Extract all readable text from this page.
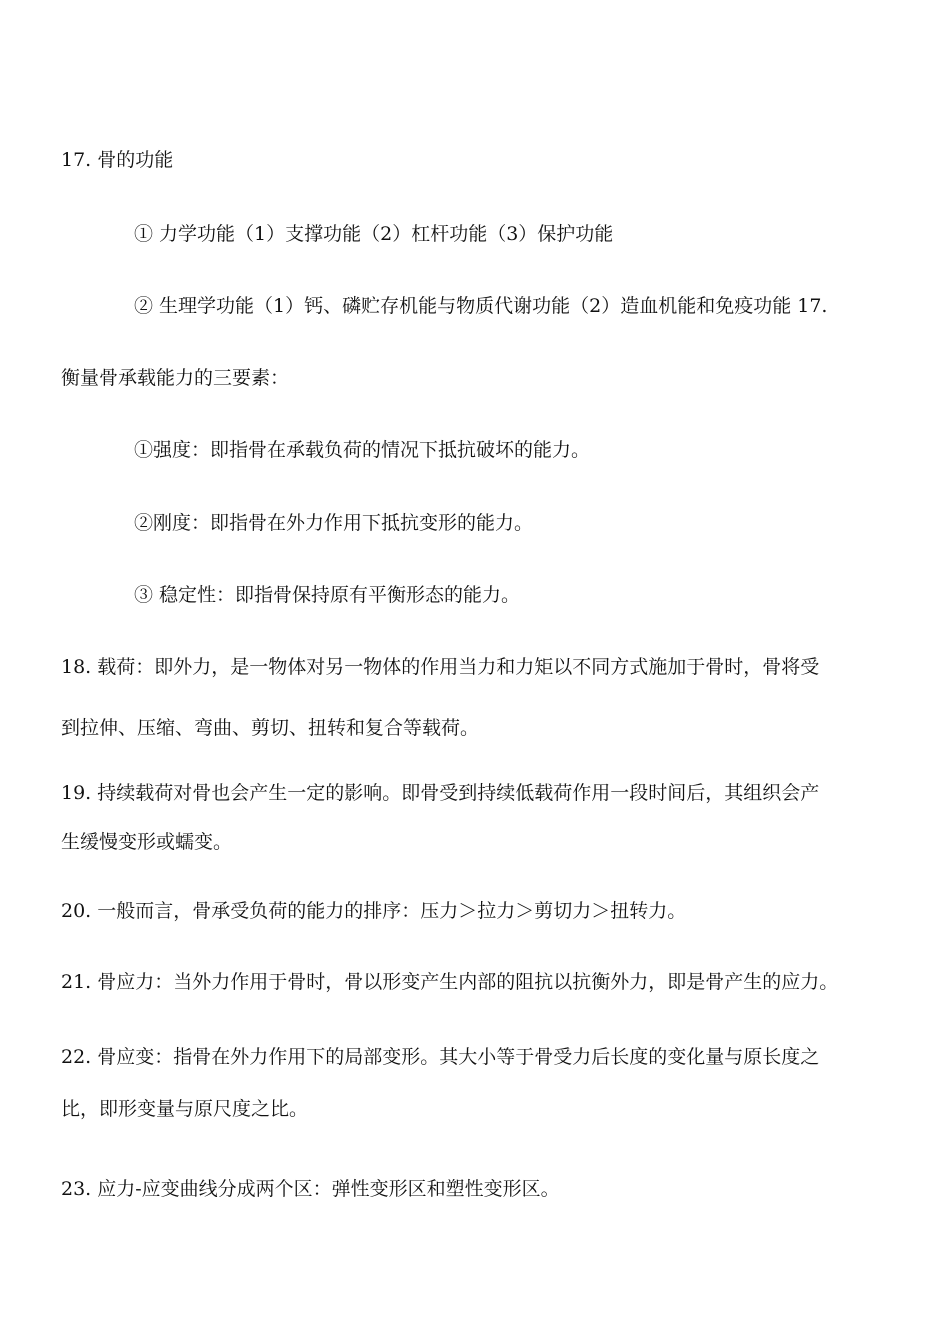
17. 骨的功能
① 力学功能（1）支撑功能（2）杠杆功能（3）保护功能
② 生理学功能（1）钙、磷贮存机能与物质代谢功能（2）造血机能和免疫功能 17.
衡量骨承载能力的三要素：
①强度：即指骨在承载负荷的情况下抵抗破坏的能力。
②刚度：即指骨在外力作用下抵抗变形的能力。
③ 稳定性：即指骨保持原有平衡形态的能力。
18. 载荷：即外力，是一物体对另一物体的作用当力和力矩以不同方式施加于骨时，骨将受
到拉伸、压缩、弯曲、剪切、扭转和复合等载荷。
19. 持续载荷对骨也会产生一定的影响。即骨受到持续低载荷作用一段时间后，其组织会产
生缓慢变形或蠕变。
20. 一般而言，骨承受负荷的能力的排序：压力＞拉力＞剪切力＞扭转力。
21. 骨应力：当外力作用于骨时，骨以形变产生内部的阻抗以抗衡外力，即是骨产生的应力。
22. 骨应变：指骨在外力作用下的局部变形。其大小等于骨受力后长度的变化量与原长度之
比，即形变量与原尺度之比。
23. 应力-应变曲线分成两个区：弹性变形区和塑性变形区。
